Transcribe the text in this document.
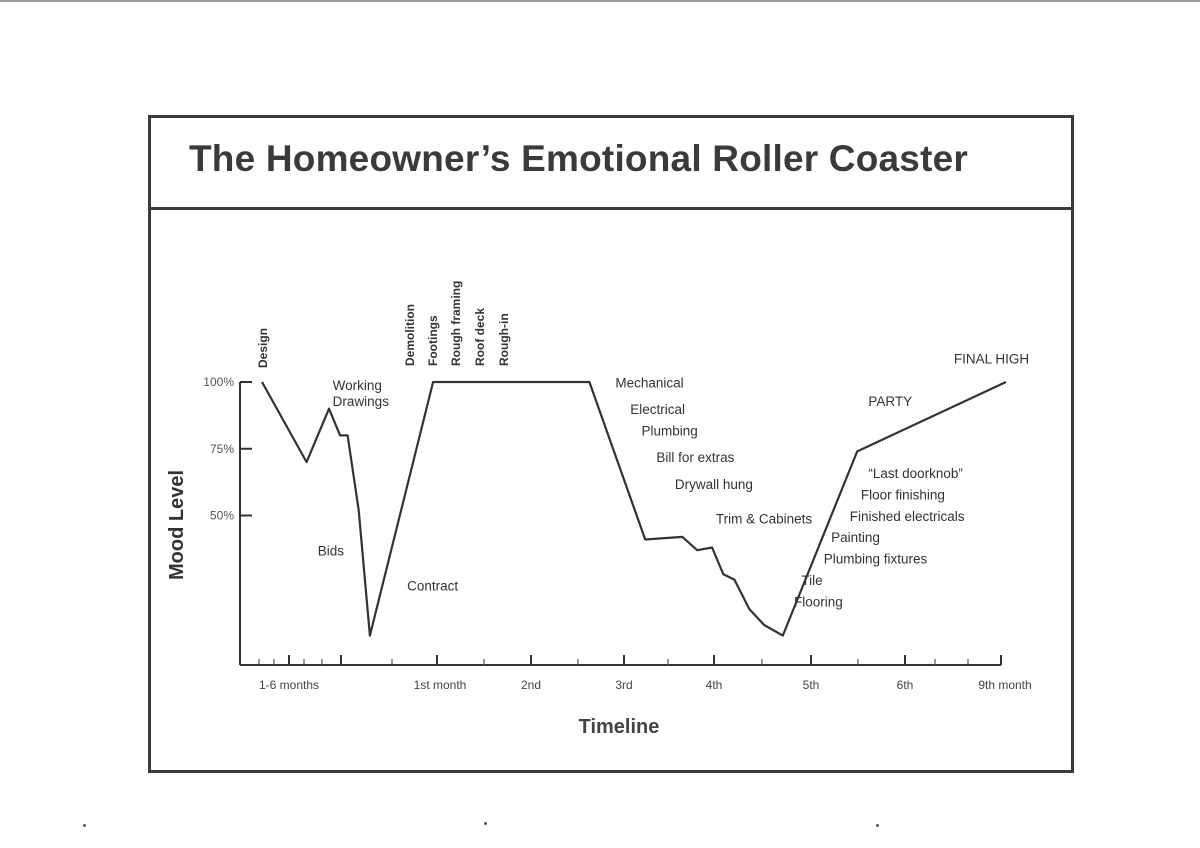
The Homeowner’s Emotional Roller Coaster
100%
75%
50%
1-6 months	1st month	2nd	3rd	4th	5th	6th	9th month
Design	Demolition Footings Rough framing Roof deck Rough-in
Working
Drawings
Bids
Contract
Mechanical
Electrical
Plumbing
Bill for extras
Drywall hung
Trim & Cabinets
Flooring
Tile
Plumbing fixtures
Painting
Finished electricals
Floor finishing
“Last doorknob”
PARTY
FINAL HIGH
Timeline
Mood Level
